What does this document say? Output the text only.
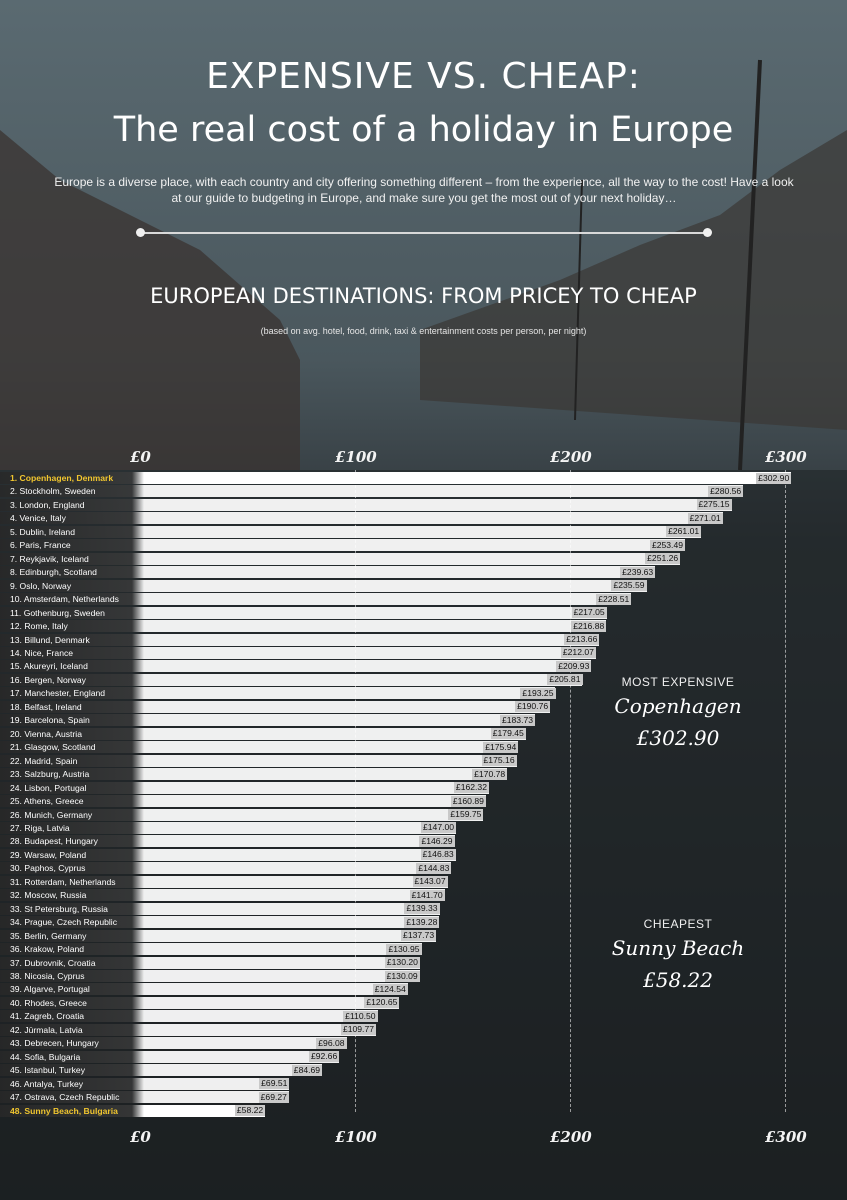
EXPENSIVE VS. CHEAP:
The real cost of a holiday in Europe
Europe is a diverse place, with each country and city offering something different – from the experience, all the way to the cost! Have a look at our guide to budgeting in Europe, and make sure you get the most out of your next holiday…
EUROPEAN DESTINATIONS: FROM PRICEY TO CHEAP
(based on avg. hotel, food, drink, taxi & entertainment costs per person, per night)
£0
£0
£100
£100
£200
£200
£300
£300
1. Copenhagen, Denmark	£302.90
2. Stockholm, Sweden	£280.56
3. London, England	£275.15
4. Venice, Italy	£271.01
5. Dublin, Ireland	£261.01
6. Paris, France	£253.49
7. Reykjavik, Iceland	£251.26
8. Edinburgh, Scotland	£239.63
9. Oslo, Norway	£235.59
10. Amsterdam, Netherlands	£228.51
11. Gothenburg, Sweden	£217.05
12. Rome, Italy	£216.88
13. Billund, Denmark	£213.66
14. Nice, France	£212.07
15. Akureyri, Iceland	£209.93
16. Bergen, Norway	£205.81
17. Manchester, England	£193.25
18. Belfast, Ireland	£190.76
19. Barcelona, Spain	£183.73
20. Vienna, Austria	£179.45
21. Glasgow, Scotland	£175.94
22. Madrid, Spain	£175.16
23. Salzburg, Austria	£170.78
24. Lisbon, Portugal	£162.32
25. Athens, Greece	£160.89
26. Munich, Germany	£159.75
27. Riga, Latvia	£147.00
28. Budapest, Hungary	£146.29
29. Warsaw, Poland	£146.83
30. Paphos, Cyprus	£144.83
31. Rotterdam, Netherlands	£143.07
32. Moscow, Russia	£141.70
33. St Petersburg, Russia	£139.33
34. Prague, Czech Republic	£139.28
35. Berlin, Germany	£137.73
36. Krakow, Poland	£130.95
37. Dubrovnik, Croatia	£130.20
38. Nicosia, Cyprus	£130.09
39. Algarve, Portugal	£124.54
40. Rhodes, Greece	£120.65
41. Zagreb, Croatia	£110.50
42. Jūrmala, Latvia	£109.77
43. Debrecen, Hungary	£96.08
44. Sofia, Bulgaria	£92.66
45. Istanbul, Turkey	£84.69
46. Antalya, Turkey	£69.51
47. Ostrava, Czech Republic	£69.27
48. Sunny Beach, Bulgaria	£58.22
MOST EXPENSIVE
Copenhagen
£302.90
CHEAPEST
Sunny Beach
£58.22
